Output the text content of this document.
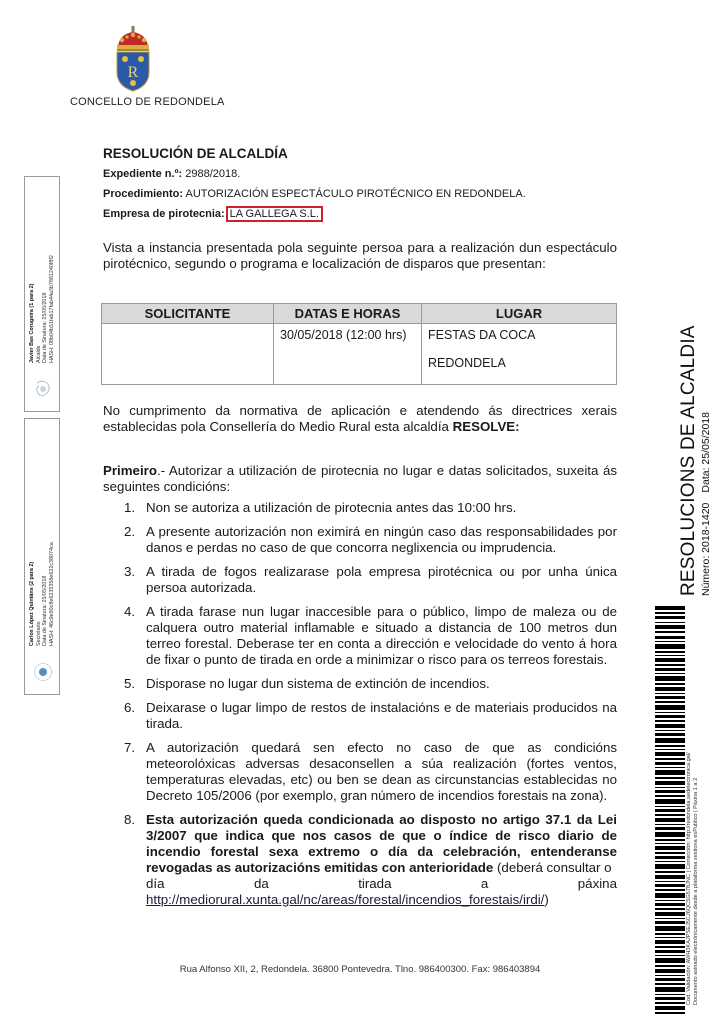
R
CONCELLO DE REDONDELA
RESOLUCIÓN DE ALCALDÍA
Expediente n.º: 2988/2018.
Procedimiento: AUTORIZACIÓN ESPECTÁCULO PIROTÉCNICO EN REDONDELA.
Empresa de pirotecnia: LA GALLEGA S.L.
Vista a instancia presentada pola seguinte persoa para a realización dun espectáculo pirotécnico, segundo o programa e localización de disparos que presentan:
SOLICITANTE	DATAS E HORAS	LUGAR
	30/05/2018 (12:00 hrs)	FESTAS DA COCA
REDONDELA
No cumprimento da normativa de aplicación e atendendo ás directrices xerais establecidas pola Consellería do Medio Rural esta alcaldía RESOLVE:
Primeiro.- Autorizar a utilización de pirotecnia no lugar e datas solicitados, suxeita ás seguintes condicións:
1. Non se autoriza a utilización de pirotecnia antes das 10:00 hrs.
2. A presente autorización non eximirá en ningún caso das responsabilidades por danos e perdas no caso de que concorra neglixencia ou imprudencia.
3. A tirada de fogos realizarase pola empresa pirotécnica ou por unha única persoa autorizada.
4. A tirada farase nun lugar inaccesible para o público, limpo de maleza ou de calquera outro material inflamable e situado a distancia de 100 metros dun terreo forestal. Deberase ter en conta a dirección e velocidade do vento á hora de fixar o punto de tirada en orde a minimizar o risco para os terreos forestais.
5. Disporase no lugar dun sistema de extinción de incendios.
6. Deixarase o lugar limpo de restos de instalacións e de materiais producidos na tirada.
7. A autorización quedará sen efecto no caso de que as condicións meteorolóxicas adversas desaconsellen a súa realización (fortes ventos, temperaturas elevadas, etc) ou ben se dean as circunstancias establecidas no Decreto 105/2006 (por exemplo, gran número de incendios forestais na zona).
8. Esta autorización queda condicionada ao disposto no artigo 37.1 da Lei 3/2007 que indica que nos casos de que o índice de risco diario de incendio forestal sexa extremo o día da celebración, entenderanse revogadas as autorizacións emitidas con anterioridade (deberá consultar o
día	da	tirada	a	páxina
http://mediorural.xunta.gal/nc/areas/forestal/incendios_forestais/irdi/)
Rua Alfonso XII, 2, Redondela. 36800 Pontevedra. Tlno. 986400300. Fax: 986403894
Javier Bas Corugeira (1 para 2) Alcalde Data de Sinatura: 25/05/2018 HASH: 08b04b51fab17fab44a3b7881240f8f2
Carlos López Quintáns (2 para 2) Secretario Data de Sinatura: 25/05/2018 HASH: 46c9e90c8e6235358e622c38074ca	RESOLUCIONS DE ALCALDIA Número: 2018-1420Data: 25/05/2018
Cod. Validación: AWH3KAJPSEJ5CJ6QC5G578JNC | Corrección: http://redondela.sedelectronica.gal/ Documento asinado electrónicamente desde a plataforma xestiona esPublico | Páxina 1 a 2
